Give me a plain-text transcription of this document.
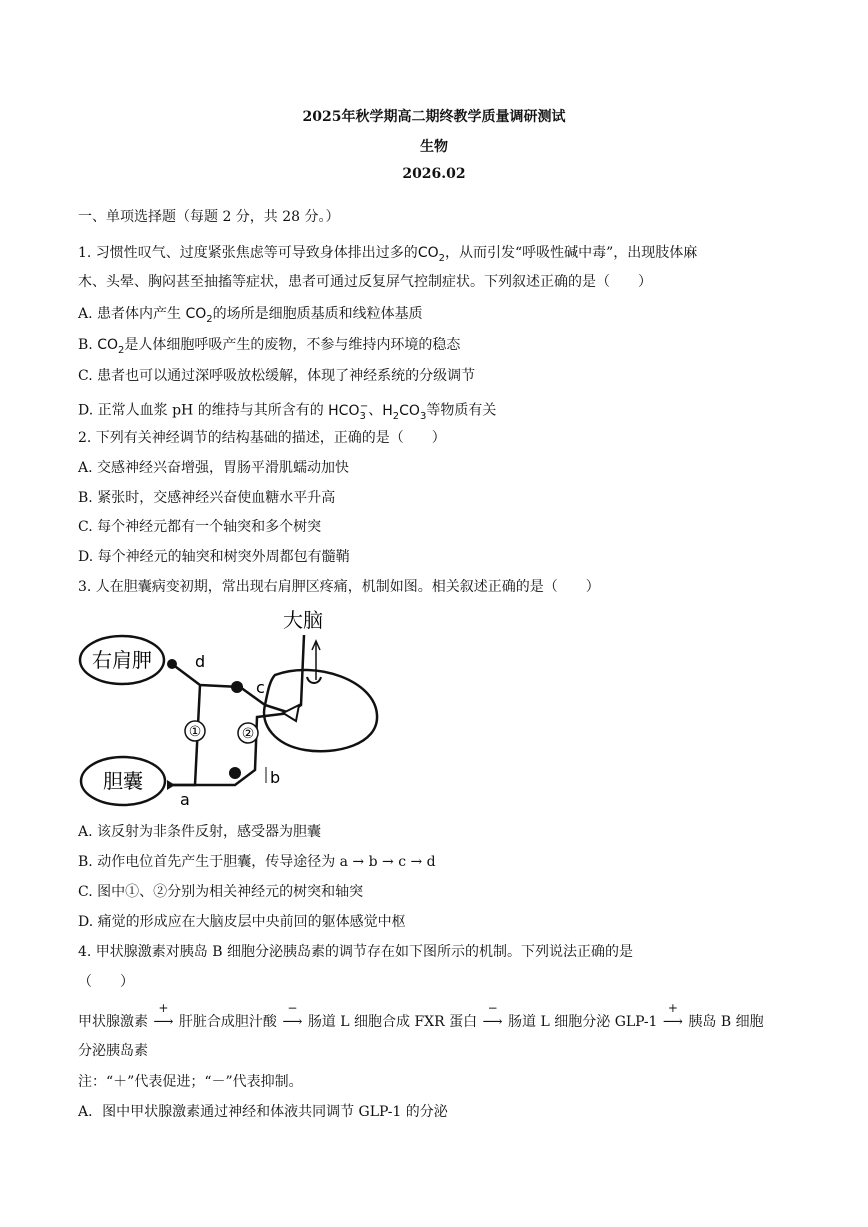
2025年秋学期高二期终教学质量调研测试
生物
2026.02
一、单项选择题（每题 2 分，共 28 分。）
1. 习惯性叹气、过度紧张焦虑等可导致身体排出过多的$CO_2$，从而引发“呼吸性碱中毒”，出现肢体麻
木、头晕、胸闷甚至抽搐等症状，患者可通过反复屏气控制症状。下列叙述正确的是（　　）
A. 患者体内产生 $CO_2$的场所是细胞质基质和线粒体基质
B. $CO_2$是人体细胞呼吸产生的废物，不参与维持内环境的稳态
C. 患者也可以通过深呼吸放松缓解，体现了神经系统的分级调节
D. 正常人血浆 pH 的维持与其所含有的 $HCO_3^-$、$H_2CO_3$等物质有关
2. 下列有关神经调节的结构基础的描述，正确的是（　　）
A. 交感神经兴奋增强，胃肠平滑肌蠕动加快
B. 紧张时，交感神经兴奋使血糖水平升高
C. 每个神经元都有一个轴突和多个树突
D. 每个神经元的轴突和树突外周都包有髓鞘
3. 人在胆囊病变初期，常出现右肩胛区疼痛，机制如图。相关叙述正确的是（　　）
右肩胛
胆囊
大脑
d
c
①	②
a
b
A. 该反射为非条件反射，感受器为胆囊
B. 动作电位首先产生于胆囊，传导途径为 a → b → c → d
C. 图中①、②分别为相关神经元的树突和轴突
D. 痛觉的形成应在大脑皮层中央前回的躯体感觉中枢
4. 甲状腺激素对胰岛 B 细胞分泌胰岛素的调节存在如下图所示的机制。下列说法正确的是
（　　）
甲状腺激素
+
⟶ 肝脏合成胆汁酸
−
⟶ 肠道 L 细胞合成 FXR 蛋白
−
⟶ 肠道 L 细胞分泌 GLP-1
+
⟶ 胰岛 B 细胞
分泌胰岛素
注：“＋”代表促进；“－”代表抑制。
A．图中甲状腺激素通过神经和体液共同调节 GLP-1 的分泌
